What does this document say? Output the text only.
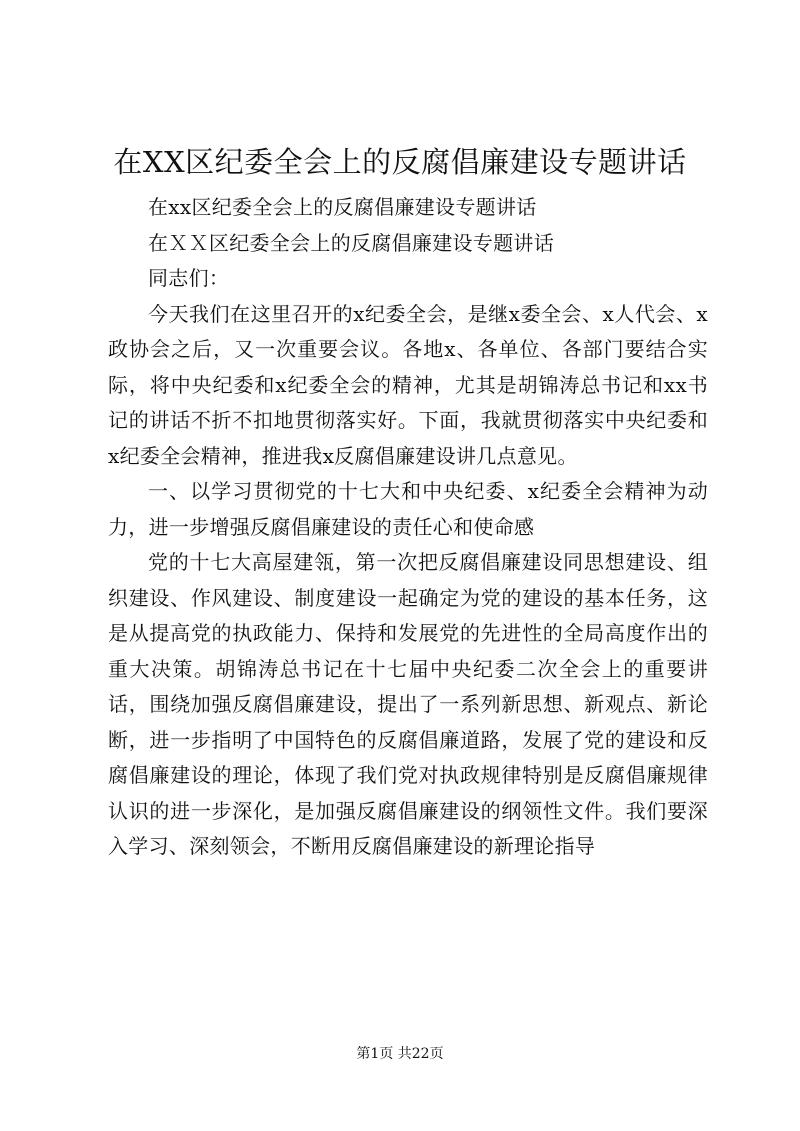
在XX区纪委全会上的反腐倡廉建设专题讲话

在xx区纪委全会上的反腐倡廉建设专题讲话

在ＸＸ区纪委全会上的反腐倡廉建设专题讲话

同志们：

今天我们在这里召开的x纪委全会，是继x委全会、x人代会、x政协会之后，又一次重要会议。各地x、各单位、各部门要结合实际，将中央纪委和x纪委全会的精神，尤其是胡锦涛总书记和xx书记的讲话不折不扣地贯彻落实好。下面，我就贯彻落实中央纪委和x纪委全会精神，推进我x反腐倡廉建设讲几点意见。

一、以学习贯彻党的十七大和中央纪委、x纪委全会精神为动力，进一步增强反腐倡廉建设的责任心和使命感

党的十七大高屋建瓴，第一次把反腐倡廉建设同思想建设、组织建设、作风建设、制度建设一起确定为党的建设的基本任务，这是从提高党的执政能力、保持和发展党的先进性的全局高度作出的重大决策。胡锦涛总书记在十七届中央纪委二次全会上的重要讲话，围绕加强反腐倡廉建设，提出了一系列新思想、新观点、新论断，进一步指明了中国特色的反腐倡廉道路，发展了党的建设和反腐倡廉建设的理论，体现了我们党对执政规律特别是反腐倡廉规律认识的进一步深化，是加强反腐倡廉建设的纲领性文件。我们要深入学习、深刻领会，不断用反腐倡廉建设的新理论指导

第1页 共22页
